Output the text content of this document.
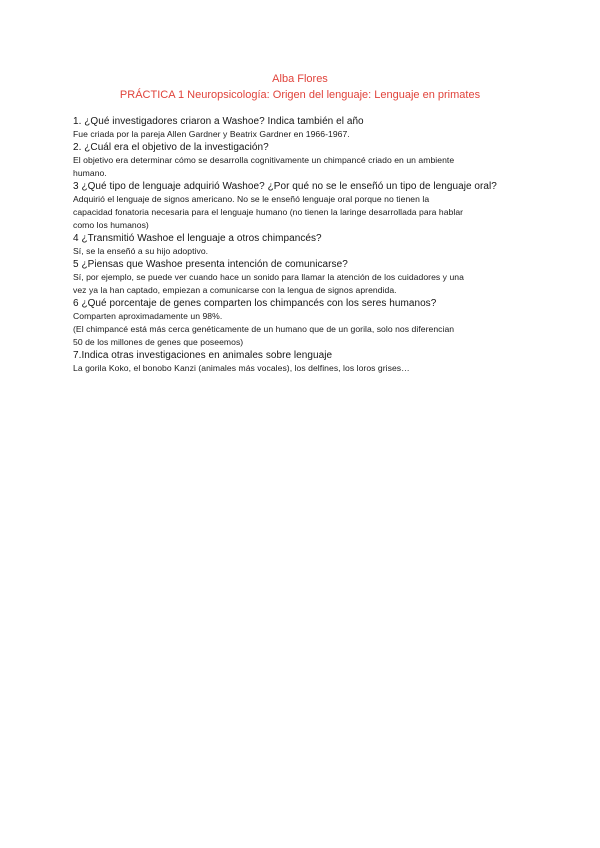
Alba Flores
PRÁCTICA 1 Neuropsicología: Origen del lenguaje: Lenguaje en primates
1. ¿Qué investigadores criaron a Washoe? Indica también el año
Fue criada por la pareja Allen Gardner y Beatrix Gardner en 1966-1967.
2. ¿Cuál era el objetivo de la investigación?
El objetivo era determinar cómo se desarrolla cognitivamente un chimpancé criado en un ambiente
humano.
3 ¿Qué tipo de lenguaje adquirió Washoe? ¿Por qué no se le enseñó un tipo de lenguaje oral?
Adquirió el lenguaje de signos americano. No se le enseñó lenguaje oral porque no tienen la
capacidad fonatoria necesaria para el lenguaje humano (no tienen la laringe desarrollada para hablar
como los humanos)
4 ¿Transmitió Washoe el lenguaje a otros chimpancés?
Sí, se la enseñó a su hijo adoptivo.
5 ¿Piensas que Washoe presenta intención de comunicarse?
Sí, por ejemplo, se puede ver cuando hace un sonido para llamar la atención de los cuidadores y una
vez ya la han captado, empiezan a comunicarse con la lengua de signos aprendida.
6 ¿Qué porcentaje de genes comparten los chimpancés con los seres humanos?
Comparten aproximadamente un 98%.
(El chimpancé está más cerca genéticamente de un humano que de un gorila, solo nos diferencian
50 de los millones de genes que poseemos)
7.Indica otras investigaciones en animales sobre lenguaje
La gorila Koko, el bonobo Kanzi (animales más vocales), los delfines, los loros grises…
